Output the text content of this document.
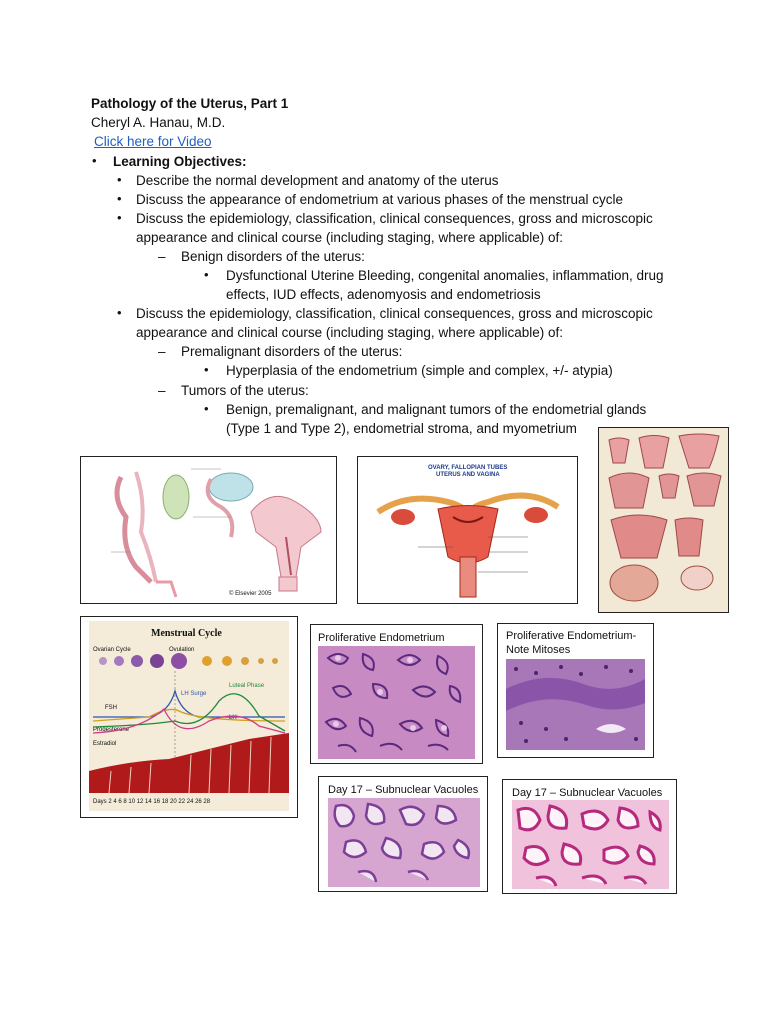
Pathology of the Uterus, Part 1
Cheryl A. Hanau, M.D.
Click here for Video
• Learning Objectives:
• Describe the normal development and anatomy of the uterus
• Discuss the appearance of endometrium at various phases of the menstrual cycle
• Discuss the epidemiology, classification, clinical consequences, gross and microscopic
appearance and clinical course (including staging, where applicable) of:
– Benign disorders of the uterus:
• Dysfunctional Uterine Bleeding, congenital anomalies, inflammation, drug
effects, IUD effects, adenomyosis and endometriosis
• Discuss the epidemiology, classification, clinical consequences, gross and microscopic
appearance and clinical course (including staging, where applicable) of:
– Premalignant disorders of the uterus:
• Hyperplasia of the endometrium (simple and complex, +/- atypia)
– Tumors of the uterus:
• Benign, premalignant, and malignant tumors of the endometrial glands
(Type 1 and Type 2), endometrial stroma, and myometrium
© Elsevier 2005
OVARY, FALLOPIAN TUBES
UTERUS AND VAGINA
Menstrual Cycle
Ovarian Cycle	Ovulation
LH Surge
Luteal Phase
FSH
LH
Progesterone
Estradiol
Days 2 4 6 8 10 12 14 16 18 20 22 24 26 28
Proliferative Endometrium	Proliferative Endometrium-
Note Mitoses
Day 17 – Subnuclear Vacuoles	Day 17 – Subnuclear Vacuoles
